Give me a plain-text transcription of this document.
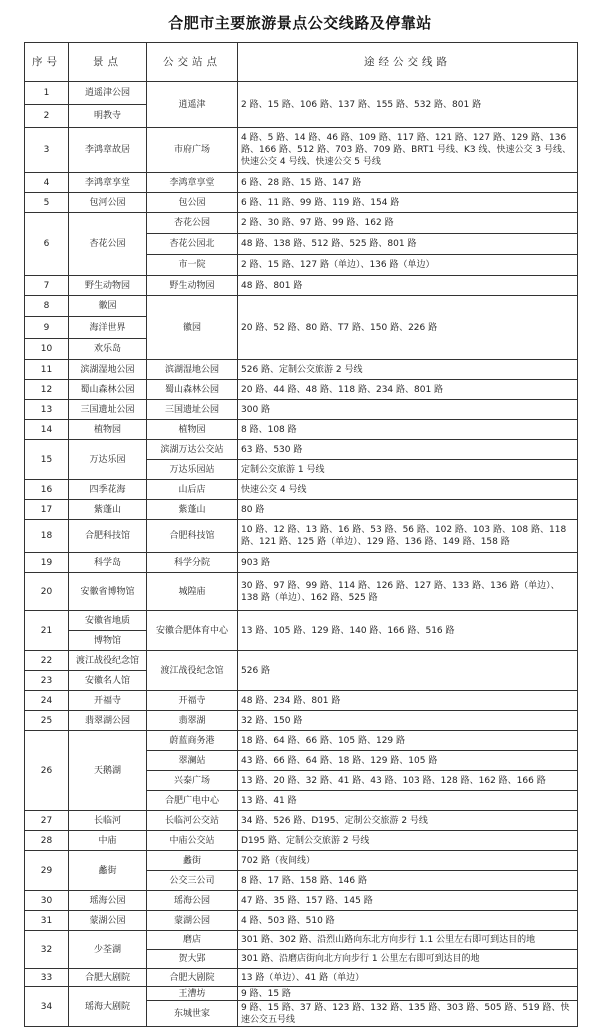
合肥市主要旅游景点公交线路及停靠站
序号	景点	公交站点	途经公交线路
1	逍遥津公园	逍遥津	2 路、15 路、106 路、137 路、155 路、532 路、801 路
2	明教寺		
3	李鸿章故居	市府广场	4 路、5 路、14 路、46 路、109 路、117 路、121 路、127 路、129 路、136 路、166 路、512 路、703 路、709 路、BRT1 号线、K3 线、快速公交 3 号线、快速公交 4 号线、快速公交 5 号线
4	李鸿章享堂	李鸿章享堂	6 路、28 路、15 路、147 路
5	包河公园	包公园	6 路、11 路、99 路、119 路、154 路
6	杏花公园	杏花公园	2 路、30 路、97 路、99 路、162 路
		杏花公园北	48 路、138 路、512 路、525 路、801 路
		市一院	2 路、15 路、127 路（单边）、136 路（单边）
7	野生动物园	野生动物园	48 路、801 路
8	徽园	徽园	20 路、52 路、80 路、T7 路、150 路、226 路
9	海洋世界		
10	欢乐岛		
11	滨湖湿地公园	滨湖湿地公园	526 路、定制公交旅游 2 号线
12	蜀山森林公园	蜀山森林公园	20 路、44 路、48 路、118 路、234 路、801 路
13	三国遗址公园	三国遗址公园	300 路
14	植物园	植物园	8 路、108 路
15	万达乐园	滨湖万达公交站	63 路、530 路
		万达乐园站	定制公交旅游 1 号线
16	四季花海	山后店	快速公交 4 号线
17	紫蓬山	紫蓬山	80 路
18	合肥科技馆	合肥科技馆	10 路、12 路、13 路、16 路、53 路、56 路、102 路、103 路、108 路、118 路、121 路、125 路（单边）、129 路、136 路、149 路、158 路
19	科学岛	科学分院	903 路
20	安徽省博物馆	城隍庙	30 路、97 路、99 路、114 路、126 路、127 路、133 路、136 路（单边）、138 路（单边）、162 路、525 路
21	安徽省地质	安徽合肥体育中心	13 路、105 路、129 路、140 路、166 路、516 路
	博物馆		
22	渡江战役纪念馆	渡江战役纪念馆	526 路
23	安徽名人馆		
24	开福寺	开福寺	48 路、234 路、801 路
25	翡翠湖公园	翡翠湖	32 路、150 路
26	天鹅湖	蔚蓝商务港	18 路、64 路、66 路、105 路、129 路
		翠澜站	43 路、66 路、64 路、18 路、129 路、105 路
		兴泰广场	13 路、20 路、32 路、41 路、43 路、103 路、128 路、162 路、166 路
		合肥广电中心	13 路、41 路
27	长临河	长临河公交站	34 路、526 路、D195、定制公交旅游 2 号线
28	中庙	中庙公交站	D195 路、定制公交旅游 2 号线
29	蠡街	蠡街	702 路（夜间线）
		公交三公司	8 路、17 路、158 路、146 路
30	瑶海公园	瑶海公园	47 路、35 路、157 路、145 路
31	蒙湖公园	蒙湖公园	4 路、503 路、510 路
32	少荃湖	磨店	301 路、302 路、沿烈山路向东北方向步行 1.1 公里左右即可到达目的地
		贺大郢	301 路、沿磨店街向北方向步行 1 公里左右即可到达目的地
33	合肥大剧院	合肥大剧院	13 路（单边）、41 路（单边）
34	瑶海大剧院	王漕坊	9 路、15 路
		东城世家	9 路、15 路、37 路、123 路、132 路、135 路、303 路、505 路、519 路、快速公交五号线
